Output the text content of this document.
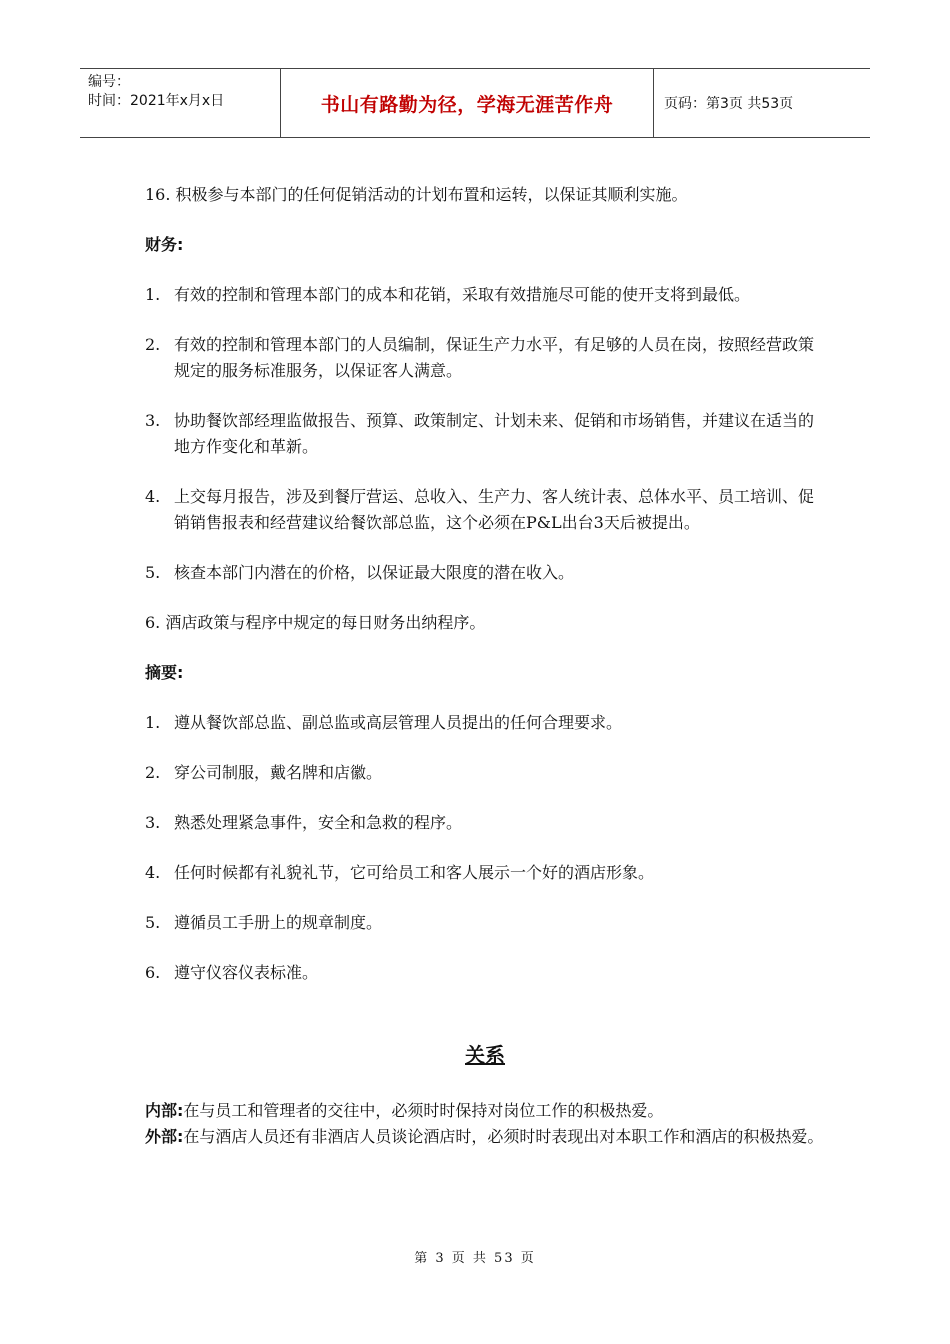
编号：
时间：2021年x月x日	书山有路勤为径，学海无涯苦作舟	页码：第3页 共53页

16. 积极参与本部门的任何促销活动的计划布置和运转，以保证其顺利实施。

财务:

1. 有效的控制和管理本部门的成本和花销，采取有效措施尽可能的使开支将到最低。
2. 有效的控制和管理本部门的人员编制，保证生产力水平，有足够的人员在岗，按照经营政策规定的服务标准服务，以保证客人满意。
3. 协助餐饮部经理监做报告、预算、政策制定、计划未来、促销和市场销售，并建议在适当的地方作变化和革新。
4. 上交每月报告，涉及到餐厅营运、总收入、生产力、客人统计表、总体水平、员工培训、促销销售报表和经营建议给餐饮部总监，这个必须在P&L出台3天后被提出。
5. 核查本部门内潜在的价格，以保证最大限度的潜在收入。

6. 酒店政策与程序中规定的每日财务出纳程序。

摘要:

1. 遵从餐饮部总监、副总监或高层管理人员提出的任何合理要求。
2. 穿公司制服，戴名牌和店徽。
3. 熟悉处理紧急事件，安全和急救的程序。
4. 任何时候都有礼貌礼节，它可给员工和客人展示一个好的酒店形象。
5. 遵循员工手册上的规章制度。
6. 遵守仪容仪表标准。

关系

内部: 在与员工和管理者的交往中，必须时时保持对岗位工作的积极热爱。
外部: 在与酒店人员还有非酒店人员谈论酒店时，必须时时表现出对本职工作和酒店的积极热爱。
第 3 页 共 53 页
